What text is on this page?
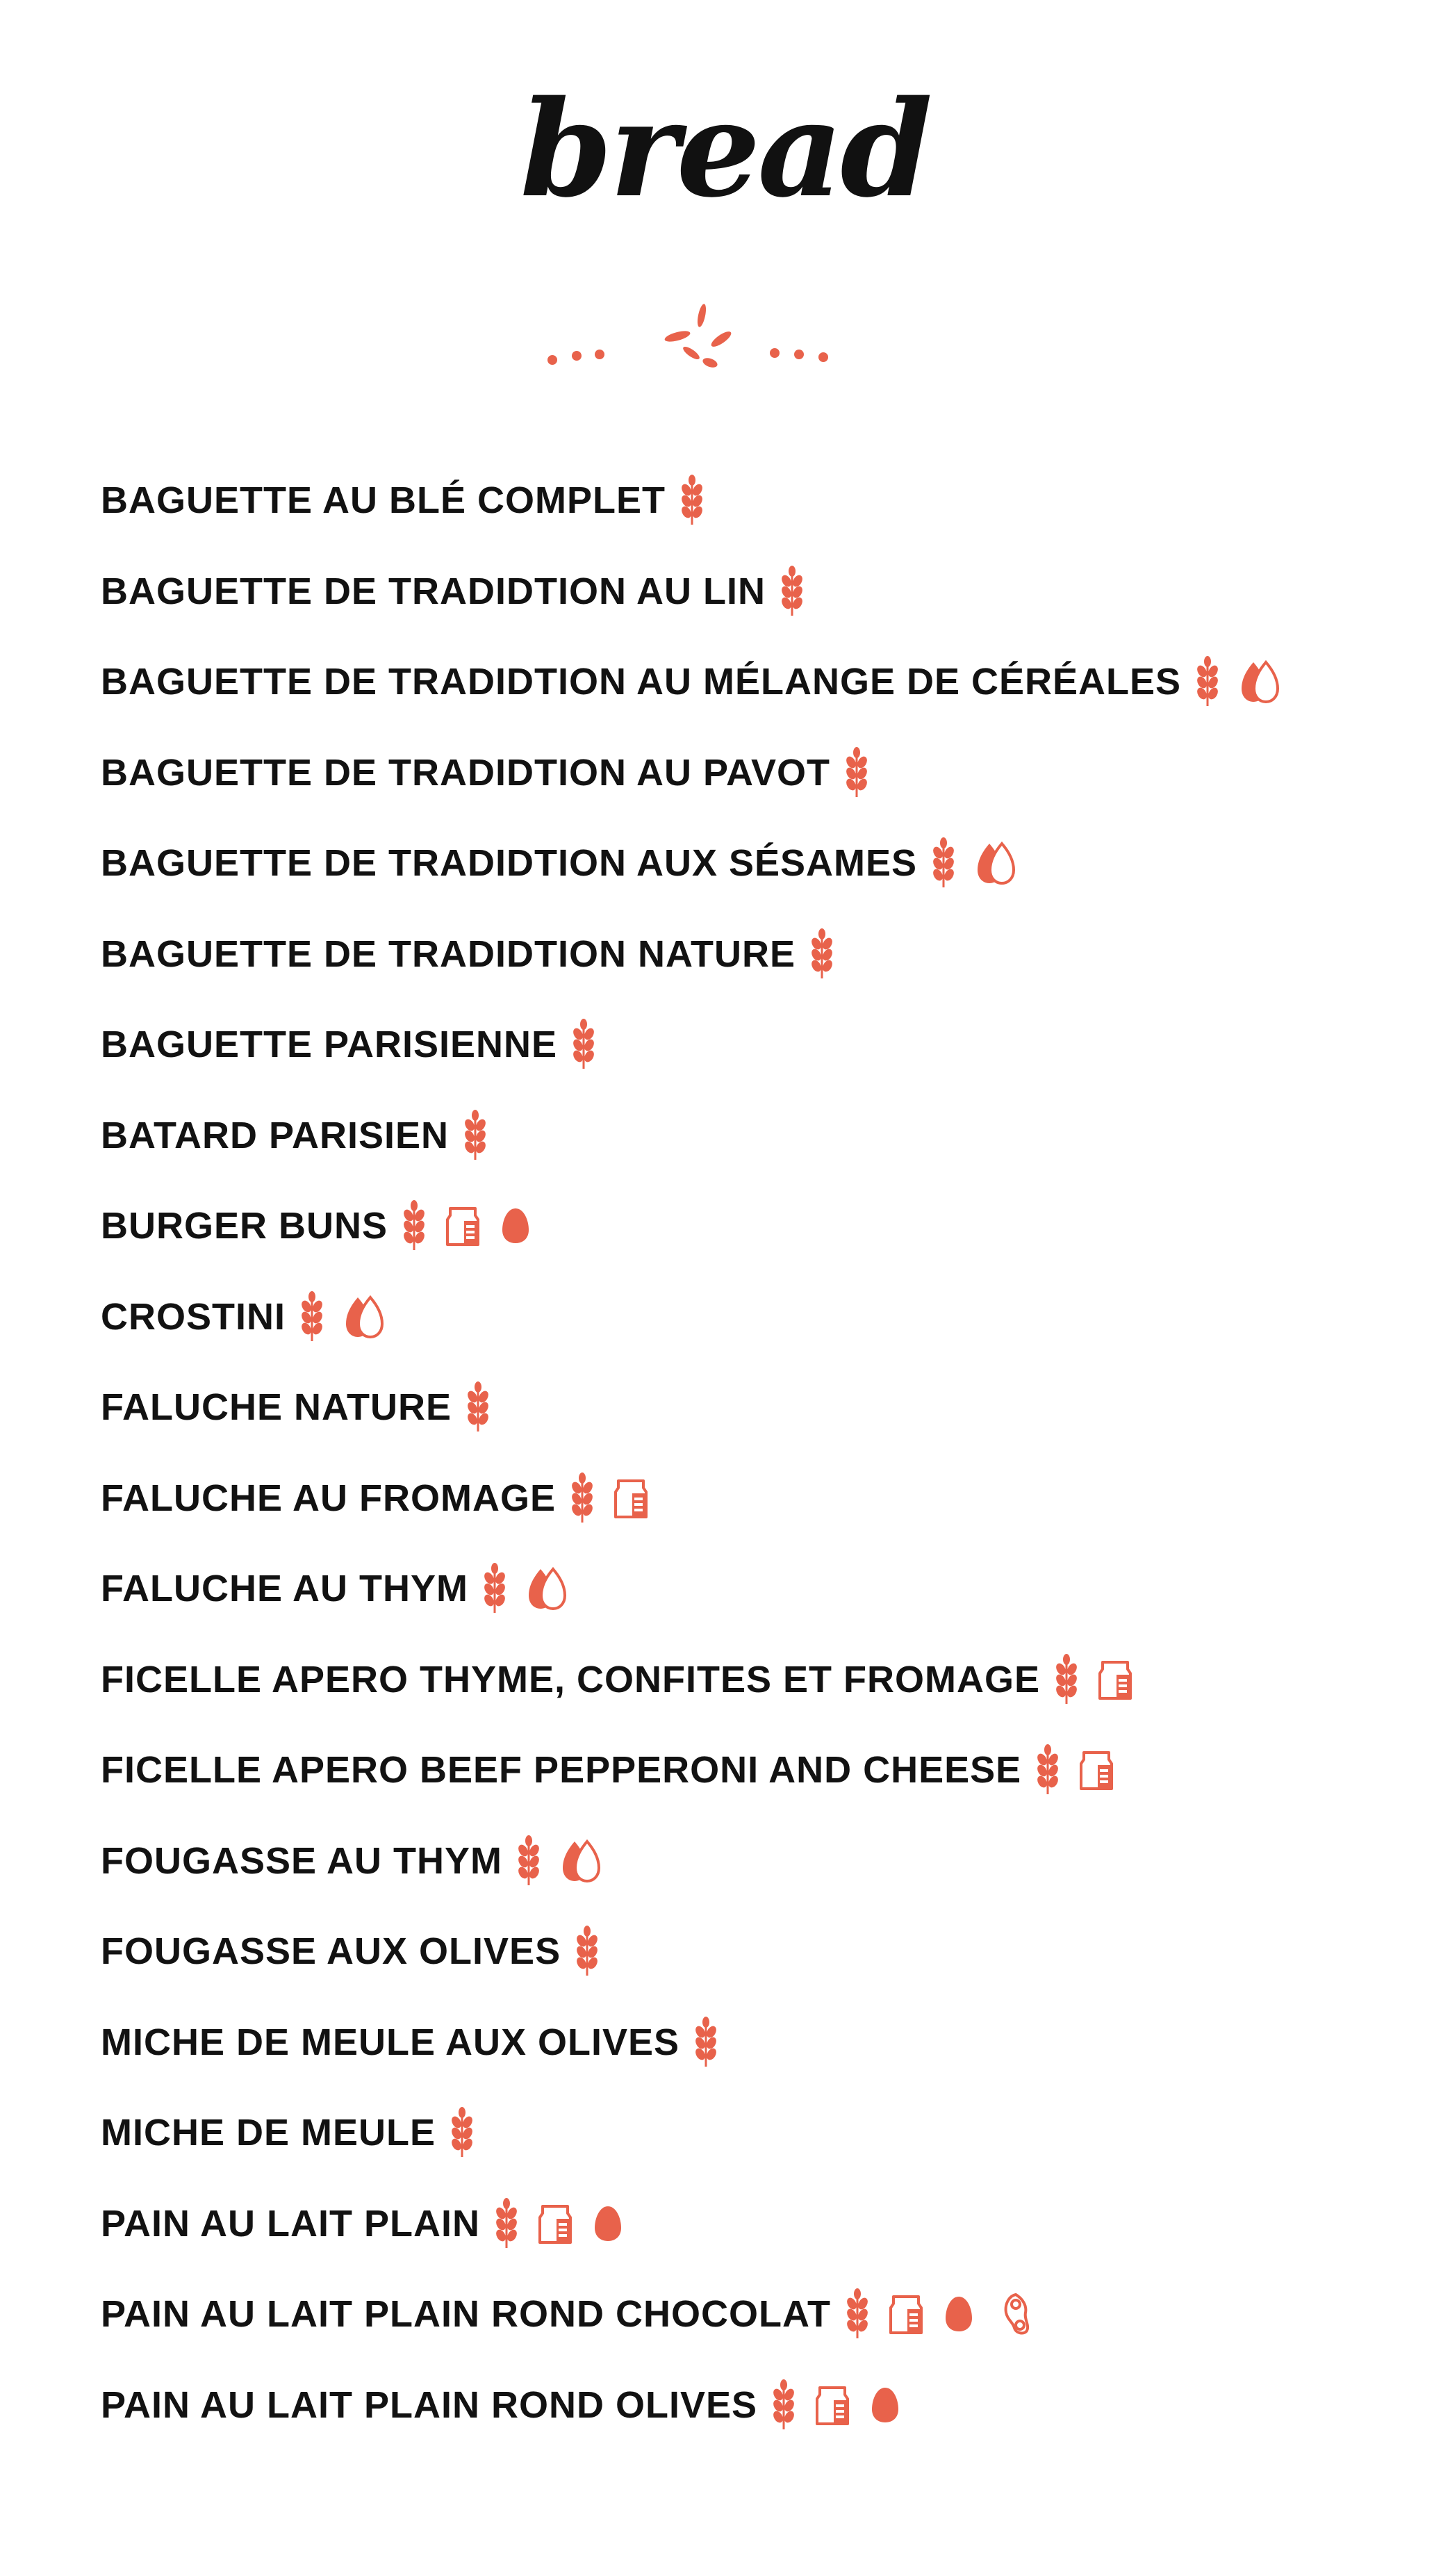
bread
BAGUETTE AU BLÉ COMPLET
BAGUETTE DE TRADIDTION AU LIN
BAGUETTE DE TRADIDTION AU MÉLANGE DE CÉRÉALES
BAGUETTE DE TRADIDTION AU PAVOT
BAGUETTE DE TRADIDTION AUX SÉSAMES
BAGUETTE DE TRADIDTION NATURE
BAGUETTE PARISIENNE
BATARD PARISIEN
BURGER BUNS
CROSTINI
FALUCHE NATURE
FALUCHE AU FROMAGE
FALUCHE AU THYM
FICELLE APERO THYME, CONFITES ET FROMAGE
FICELLE APERO BEEF PEPPERONI AND CHEESE
FOUGASSE AU THYM
FOUGASSE AUX OLIVES
MICHE DE MEULE AUX OLIVES
MICHE DE MEULE
PAIN AU LAIT PLAIN
PAIN AU LAIT PLAIN ROND CHOCOLAT
PAIN AU LAIT PLAIN ROND OLIVES
